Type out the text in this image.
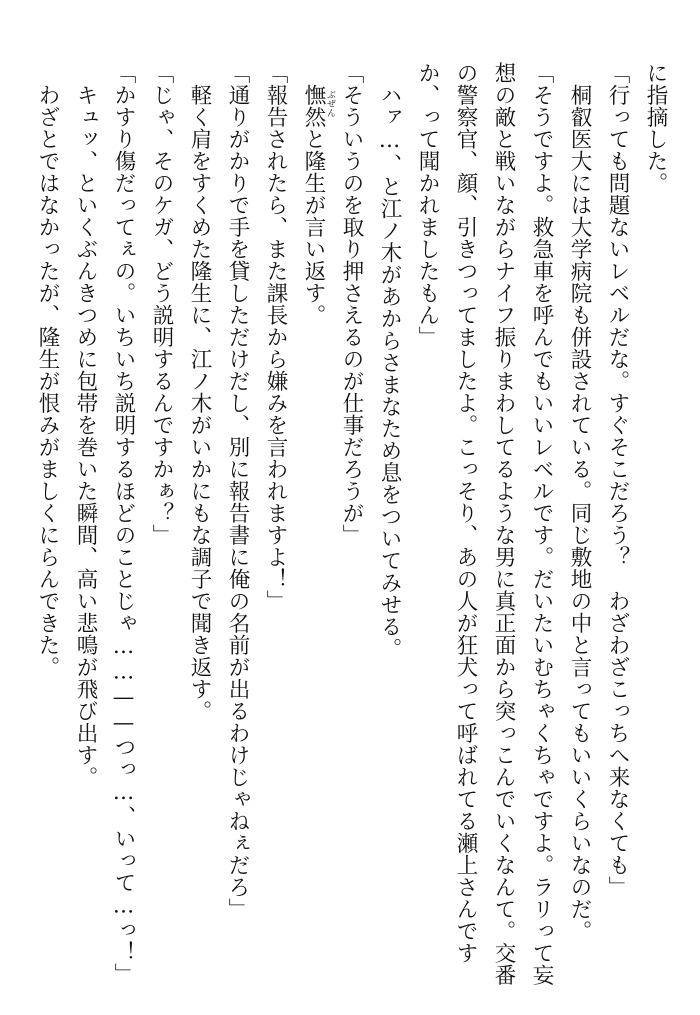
に指摘した。

「行っても問題ないレベルだな。すぐそこだろう？　わざわざこっちへ来なくても」

　桐叡医大には大学病院も併設されている。同じ敷地の中と言ってもいいくらいなのだ。

「そうですよ。救急車を呼んでもいいレベルです。だいたいむちゃくちゃですよ。ラリって妄

想の敵と戦いながらナイフ振りまわしてるような男に真正面から突っこんでいくなんて。交番

の警察官、顔、引きつってましたよ。こっそり、あの人が狂犬って呼ばれてる瀬上さんです

か、って聞かれましたもん」

　ハァ…、と江ノ木があからさまなため息をついてみせる。

「そういうのを取り押さえるのが仕事だろうが」

ぶぜん

　憮然と隆生が言い返す。

「報告されたら、また課長から嫌みを言われますよ！」

「通りがかりで手を貸しただけだし、別に報告書に俺の名前が出るわけじゃねぇだろ」

　軽く肩をすくめた隆生に、江ノ木がいかにもな調子で聞き返す。

「じゃ、そのケガ、どう説明するんですかぁ？」

「かすり傷だってぇの。いちいち説明するほどのことじゃ……——つっ…、いって…っ！」

　キュッ、といくぶんきつめに包帯を巻いた瞬間、高い悲鳴が飛び出す。

　わざとではなかったが、隆生が恨みがましくにらんできた。
